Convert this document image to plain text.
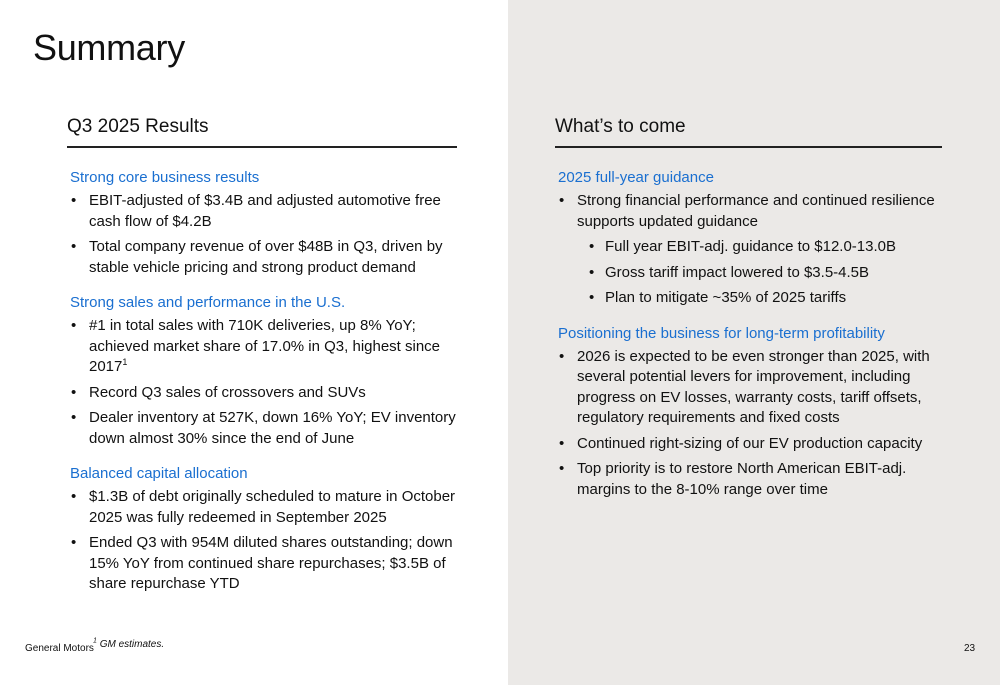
Summary
Q3 2025 Results
Strong core business results
• EBIT-adjusted of $3.4B and adjusted automotive free cash flow of $4.2B
• Total company revenue of over $48B in Q3, driven by stable vehicle pricing and strong product demand
Strong sales and performance in the U.S.
• #1 in total sales with 710K deliveries, up 8% YoY; achieved market share of 17.0% in Q3, highest since 2017$^1$
• Record Q3 sales of crossovers and SUVs
• Dealer inventory at 527K, down 16% YoY; EV inventory down almost 30% since the end of June
Balanced capital allocation
• $1.3B of debt originally scheduled to mature in October 2025 was fully redeemed in September 2025
• Ended Q3 with 954M diluted shares outstanding; down 15% YoY from continued share repurchases; $3.5B of share repurchase YTD
What’s to come
2025 full-year guidance
• Strong financial performance and continued resilience supports updated guidance
• Full year EBIT-adj. guidance to $12.0-13.0B
• Gross tariff impact lowered to $3.5-4.5B
• Plan to mitigate ~35% of 2025 tariffs
Positioning the business for long-term profitability
• 2026 is expected to be even stronger than 2025, with several potential levers for improvement, including progress on EV losses, warranty costs, tariff offsets, regulatory requirements and fixed costs
• Continued right-sizing of our EV production capacity
• Top priority is to restore North American EBIT-adj. margins to the 8-10% range over time
General Motors
$^1$ GM estimates.	23
